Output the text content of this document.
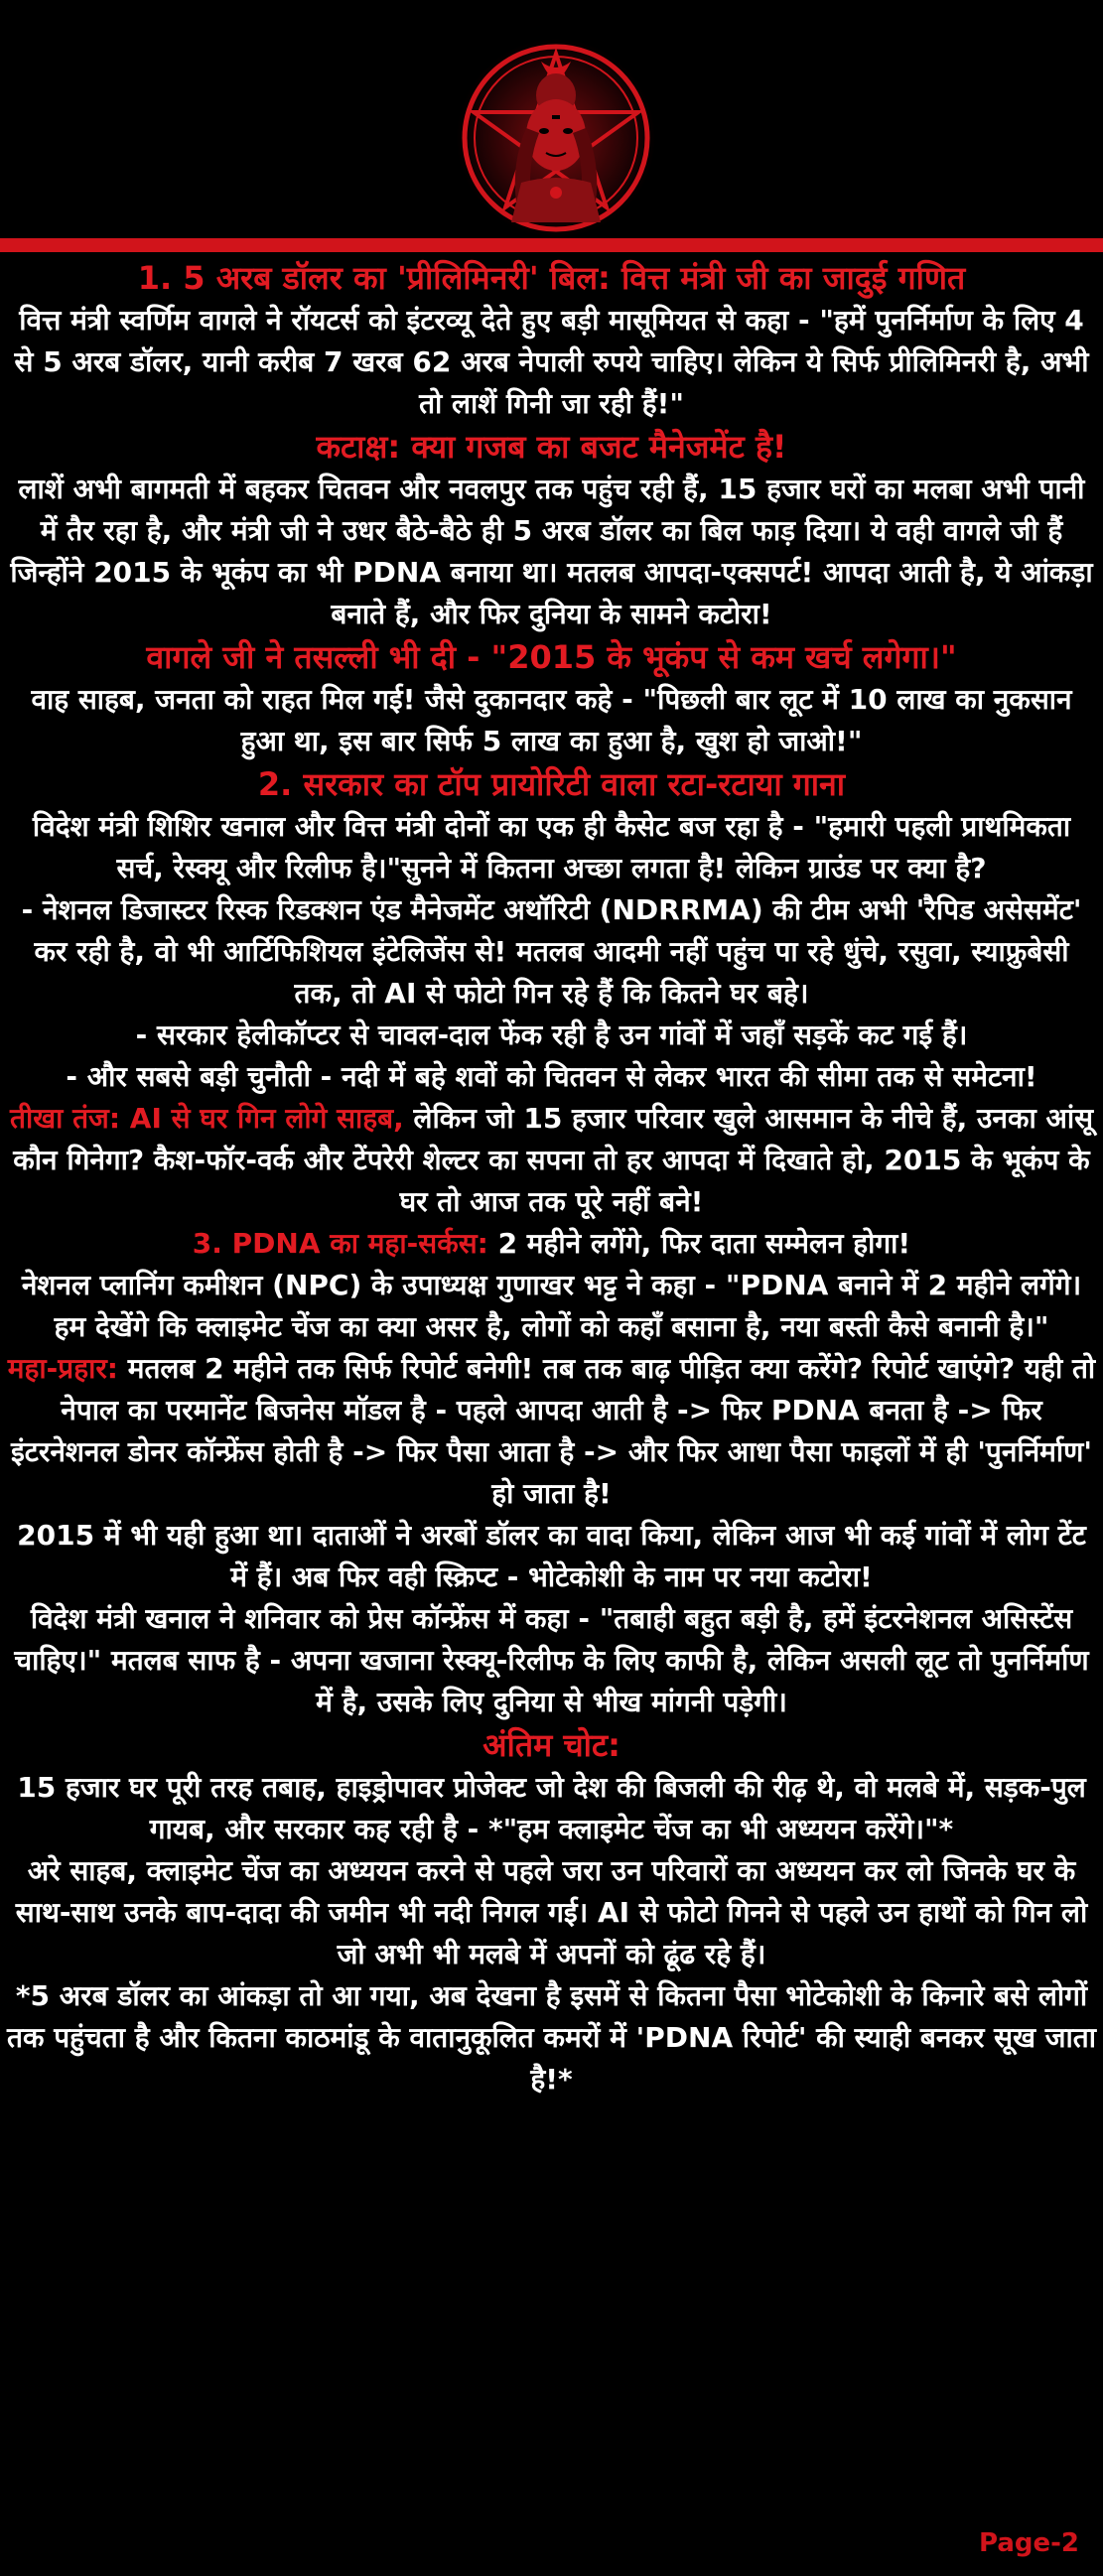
1. 5 अरब डॉलर का 'प्रीलिमिनरी' बिल: वित्त मंत्री जी का जादुई गणित

वित्त मंत्री स्वर्णिम वागले ने रॉयटर्स को इंटरव्यू देते हुए बड़ी मासूमियत से कहा - "हमें पुनर्निर्माण के लिए 4 से 5 अरब डॉलर, यानी करीब 7 खरब 62 अरब नेपाली रुपये चाहिए। लेकिन ये सिर्फ प्रीलिमिनरी है, अभी तो लाशें गिनी जा रही हैं!"

कटाक्ष: क्या गजब का बजट मैनेजमेंट है!

लाशें अभी बागमती में बहकर चितवन और नवलपुर तक पहुंच रही हैं, 15 हजार घरों का मलबा अभी पानी में तैर रहा है, और मंत्री जी ने उधर बैठे-बैठे ही 5 अरब डॉलर का बिल फाड़ दिया। ये वही वागले जी हैं जिन्होंने 2015 के भूकंप का भी PDNA बनाया था। मतलब आपदा-एक्सपर्ट! आपदा आती है, ये आंकड़ा बनाते हैं, और फिर दुनिया के सामने कटोरा!

वागले जी ने तसल्ली भी दी - "2015 के भूकंप से कम खर्च लगेगा।"

वाह साहब, जनता को राहत मिल गई! जैसे दुकानदार कहे - "पिछली बार लूट में 10 लाख का नुकसान हुआ था, इस बार सिर्फ 5 लाख का हुआ है, खुश हो जाओ!"

2. सरकार का टॉप प्रायोरिटी वाला रटा-रटाया गाना

विदेश मंत्री शिशिर खनाल और वित्त मंत्री दोनों का एक ही कैसेट बज रहा है - "हमारी पहली प्राथमिकता सर्च, रेस्क्यू और रिलीफ है।"सुनने में कितना अच्छा लगता है! लेकिन ग्राउंड पर क्या है?

- नेशनल डिजास्टर रिस्क रिडक्शन एंड मैनेजमेंट अथॉरिटी (NDRRMA) की टीम अभी 'रैपिड असेसमेंट' कर रही है, वो भी आर्टिफिशियल इंटेलिजेंस से! मतलब आदमी नहीं पहुंच पा रहे धुंचे, रसुवा, स्याफ्रुबेसी तक, तो AI से फोटो गिन रहे हैं कि कितने घर बहे।

- सरकार हेलीकॉप्टर से चावल-दाल फेंक रही है उन गांवों में जहाँ सड़कें कट गई हैं।

- और सबसे बड़ी चुनौती - नदी में बहे शवों को चितवन से लेकर भारत की सीमा तक से समेटना!

तीखा तंज: AI से घर गिन लोगे साहब, लेकिन जो 15 हजार परिवार खुले आसमान के नीचे हैं, उनका आंसू कौन गिनेगा? कैश-फॉर-वर्क और टेंपरेरी शेल्टर का सपना तो हर आपदा में दिखाते हो, 2015 के भूकंप के घर तो आज तक पूरे नहीं बने!

3. PDNA का महा-सर्कस: 2 महीने लगेंगे, फिर दाता सम्मेलन होगा!

नेशनल प्लानिंग कमीशन (NPC) के उपाध्यक्ष गुणाखर भट्ट ने कहा - "PDNA बनाने में 2 महीने लगेंगे। हम देखेंगे कि क्लाइमेट चेंज का क्या असर है, लोगों को कहाँ बसाना है, नया बस्ती कैसे बनानी है।"

महा-प्रहार: मतलब 2 महीने तक सिर्फ रिपोर्ट बनेगी! तब तक बाढ़ पीड़ित क्या करेंगे? रिपोर्ट खाएंगे? यही तो नेपाल का परमानेंट बिजनेस मॉडल है - पहले आपदा आती है -> फिर PDNA बनता है -> फिर इंटरनेशनल डोनर कॉन्फ्रेंस होती है -> फिर पैसा आता है -> और फिर आधा पैसा फाइलों में ही 'पुनर्निर्माण' हो जाता है!

2015 में भी यही हुआ था। दाताओं ने अरबों डॉलर का वादा किया, लेकिन आज भी कई गांवों में लोग टेंट में हैं। अब फिर वही स्क्रिप्ट - भोटेकोशी के नाम पर नया कटोरा!

विदेश मंत्री खनाल ने शनिवार को प्रेस कॉन्फ्रेंस में कहा - "तबाही बहुत बड़ी है, हमें इंटरनेशनल असिस्टेंस चाहिए।" मतलब साफ है - अपना खजाना रेस्क्यू-रिलीफ के लिए काफी है, लेकिन असली लूट तो पुनर्निर्माण में है, उसके लिए दुनिया से भीख मांगनी पड़ेगी।

अंतिम चोट:

15 हजार घर पूरी तरह तबाह, हाइड्रोपावर प्रोजेक्ट जो देश की बिजली की रीढ़ थे, वो मलबे में, सड़क-पुल गायब, और सरकार कह रही है - *"हम क्लाइमेट चेंज का भी अध्ययन करेंगे।"*

अरे साहब, क्लाइमेट चेंज का अध्ययन करने से पहले जरा उन परिवारों का अध्ययन कर लो जिनके घर के साथ-साथ उनके बाप-दादा की जमीन भी नदी निगल गई। AI से फोटो गिनने से पहले उन हाथों को गिन लो जो अभी भी मलबे में अपनों को ढूंढ रहे हैं।

*5 अरब डॉलर का आंकड़ा तो आ गया, अब देखना है इसमें से कितना पैसा भोटेकोशी के किनारे बसे लोगों तक पहुंचता है और कितना काठमांडू के वातानुकूलित कमरों में 'PDNA रिपोर्ट' की स्याही बनकर सूख जाता है!*

Page-2
